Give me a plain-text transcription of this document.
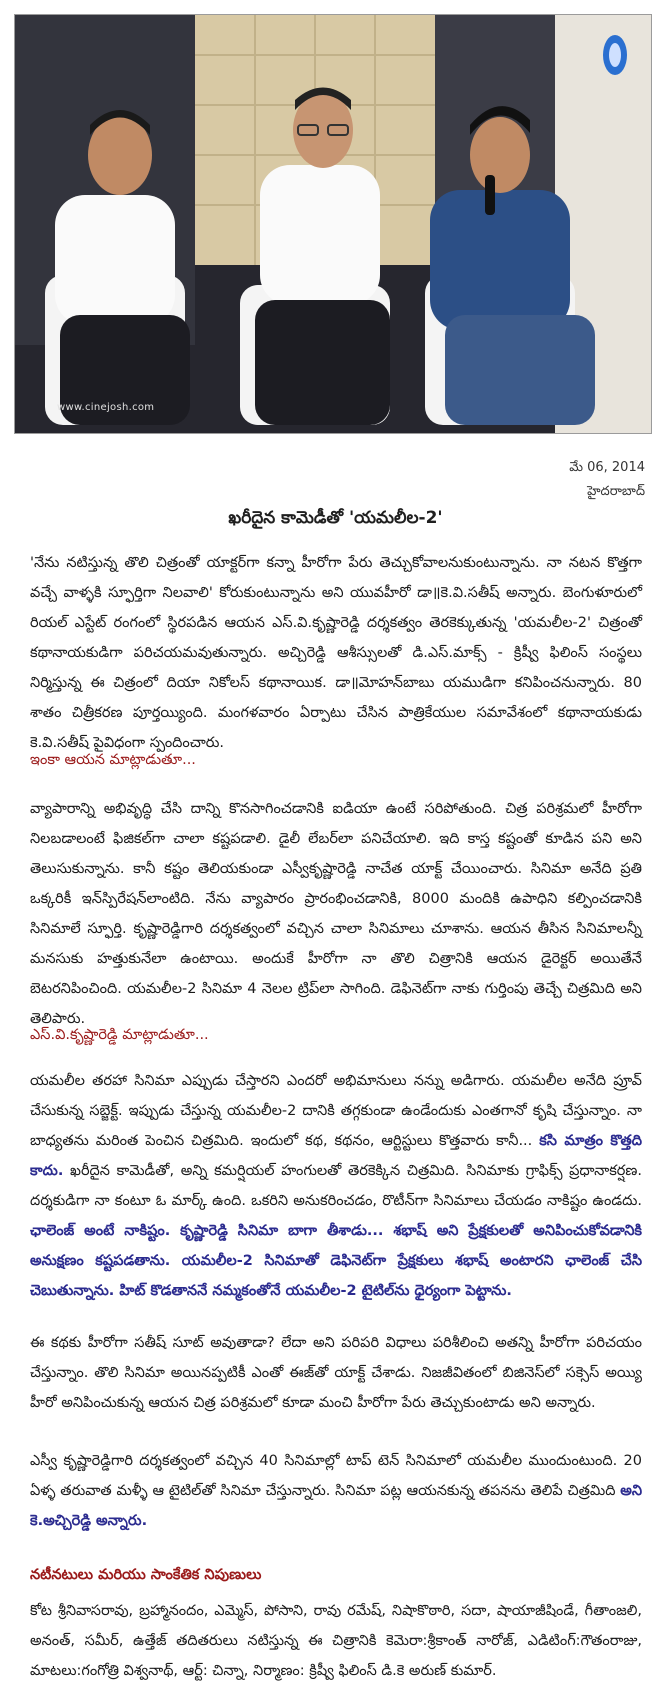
www.cinejosh.com
మే 06, 2014
హైదరాబాద్
ఖరీదైన కామెడీతో 'యమలీల-2'
'నేను నటిస్తున్న తొలి చిత్రంతో యాక్టర్‌గా కన్నా హీరోగా పేరు తెచ్చుకోవాలనుకుంటున్నాను. నా నటన కొత్తగా వచ్చే వాళ్ళకి స్ఫూర్తిగా నిలవాలి' కోరుకుంటున్నాను అని యువహీరో డా॥కె.వి.సతీష్‌ అన్నారు. బెంగుళూరులో రియల్‌ ఎస్టేట్‌ రంగంలో స్థిరపడిన ఆయన ఎస్‌.వి.కృష్ణారెడ్డి దర్శకత్వం తెరకెక్కుతున్న 'యమలీల-2' చిత్రంతో కథానాయకుడిగా పరిచయమవుతున్నారు. అచ్చిరెడ్డి ఆశీస్సులతో డి.ఎస్‌.మాక్స్‌ - క్రిష్వీ ఫిలింస్‌ సంస్థలు నిర్మిస్తున్న ఈ చిత్రంలో దియా నికోలస్‌ కథానాయిక. డా॥మోహన్‌బాబు యముడిగా కనిపించనున్నారు. 80 శాతం చిత్రీకరణ పూర్తయ్యింది. మంగళవారం ఏర్పాటు చేసిన పాత్రికేయుల సమావేశంలో కథానాయకుడు కె.వి.సతీష్‌ పైవిధంగా స్పందించారు.
ఇంకా ఆయన మాట్లాడుతూ...
వ్యాపారాన్ని అభివృద్ధి చేసి దాన్ని కొనసాగించడానికి ఐడియా ఉంటే సరిపోతుంది. చిత్ర పరిశ్రమలో హీరోగా నిలబడాలంటే ఫిజికల్‌గా చాలా కష్టపడాలి. డైలీ లేబర్‌లా పనిచేయాలి. ఇది కాస్త కష్టంతో కూడిన పని అని తెలుసుకున్నాను. కానీ కష్టం తెలియకుండా ఎస్వీకృష్ణారెడ్డి నాచేత యాక్ట్‌ చేయించారు. సినిమా అనేది ప్రతి ఒక్కరికీ ఇన్‌స్పిరేషన్‌లాంటిది. నేను వ్యాపారం ప్రారంభించడానికి, 8000 మందికి ఉపాధిని కల్పించడానికి సినిమాలే స్ఫూర్తి. కృష్ణారెడ్డిగారి దర్శకత్వంలో వచ్చిన చాలా సినిమాలు చూశాను. ఆయన తీసిన సినిమాలన్నీ మనసుకు హత్తుకునేలా ఉంటాయి. అందుకే హీరోగా నా తొలి చిత్రానికి ఆయన డైరెక్టర్‌ అయితేనే బెటరనిపించింది. యమలీల-2 సినిమా 4 నెలల ట్రిప్‌లా సాగింది. డెఫినెట్‌గా నాకు గుర్తింపు తెచ్చే చిత్రమిది అని తెలిపారు.
ఎస్‌.వి.కృష్ణారెడ్డి మాట్లాడుతూ...
యమలీల తరహా సినిమా ఎప్పుడు చేస్తారని ఎందరో అభిమానులు నన్ను అడిగారు. యమలీల అనేది ప్రూవ్‌ చేసుకున్న సబ్జెక్ట్‌. ఇప్పుడు చేస్తున్న యమలీల-2 దానికి తగ్గకుండా ఉండేందుకు ఎంతగానో కృషి చేస్తున్నాం. నా బాధ్యతను మరింత పెంచిన చిత్రమిది. ఇందులో కథ, కథనం, ఆర్టిస్టులు కొత్తవారు కానీ... కసి మాత్రం కొత్తది కాదు. ఖరీదైన కామెడీతో, అన్ని కమర్షియల్‌ హంగులతో తెరకెక్కిన చిత్రమిది. సినిమాకు గ్రాఫిక్స్‌ ప్రధానాకర్షణ. దర్శకుడిగా నా కంటూ ఓ మార్క్‌ ఉంది. ఒకరిని అనుకరించడం, రొటీన్‌గా సినిమాలు చేయడం నాకిష్టం ఉండదు. ఛాలెంజ్‌ అంటే నాకిష్టం. కృష్ణారెడ్డి సినిమా బాగా తీశాడు... శభాష్‌ అని ప్రేక్షకులతో అనిపించుకోవడానికి అనుక్షణం కష్టపడతాను. యమలీల-2 సినిమాతో డెఫినెట్‌గా ప్రేక్షకులు శభాష్‌ అంటారని ఛాలెంజ్‌ చేసి చెబుతున్నాను. హిట్‌ కొడతాననే నమ్మకంతోనే యమలీల-2 టైటిల్‌ను ధైర్యంగా పెట్టాను.
ఈ కథకు హీరోగా సతీష్‌ సూట్‌ అవుతాడా? లేదా అని పరిపరి విధాలు పరిశీలించి అతన్ని హీరోగా పరిచయం చేస్తున్నాం. తొలి సినిమా అయినప్పటికీ ఎంతో ఈజ్‌తో యాక్ట్‌ చేశాడు. నిజజీవితంలో బిజినెస్‌లో సక్సెస్‌ అయ్యి హీరో అనిపించుకున్న ఆయన చిత్ర పరిశ్రమలో కూడా మంచి హీరోగా పేరు తెచ్చుకుంటాడు అని అన్నారు.
ఎస్వీ కృష్ణారెడ్డిగారి దర్శకత్వంలో వచ్చిన 40 సినిమాల్లో టాప్‌ టెన్‌ సినిమాలో యమలీల ముందుంటుంది. 20 ఏళ్ళ తరువాత మళ్ళీ ఆ టైటిల్‌తో సినిమా చేస్తున్నారు. సినిమా పట్ల ఆయనకున్న తపనను తెలిపే చిత్రమిది అని కె.అచ్చిరెడ్డి అన్నారు.
నటీనటులు మరియు సాంకేతిక నిపుణులు
కోట శ్రీనివాసరావు, బ్రహ్మానందం, ఎమ్మెస్‌, పోసాని, రావు రమేష్‌, నిషాకొఠారి, సదా, షాయాజీషిండే, గీతాంజలి, అనంత్‌, సమీర్‌, ఉత్తేజ్‌ తదితరులు నటిస్తున్న ఈ చిత్రానికి కెమెరా:శ్రీకాంత్‌ నారోజ్‌, ఎడిటింగ్‌:గౌతంరాజు, మాటలు:గంగోత్రి విశ్వనాథ్‌, ఆర్ట్‌: చిన్నా, నిర్మాణం: క్రిష్వీ ఫిలింస్‌ డి.కె అరుణ్‌ కుమార్‌.
